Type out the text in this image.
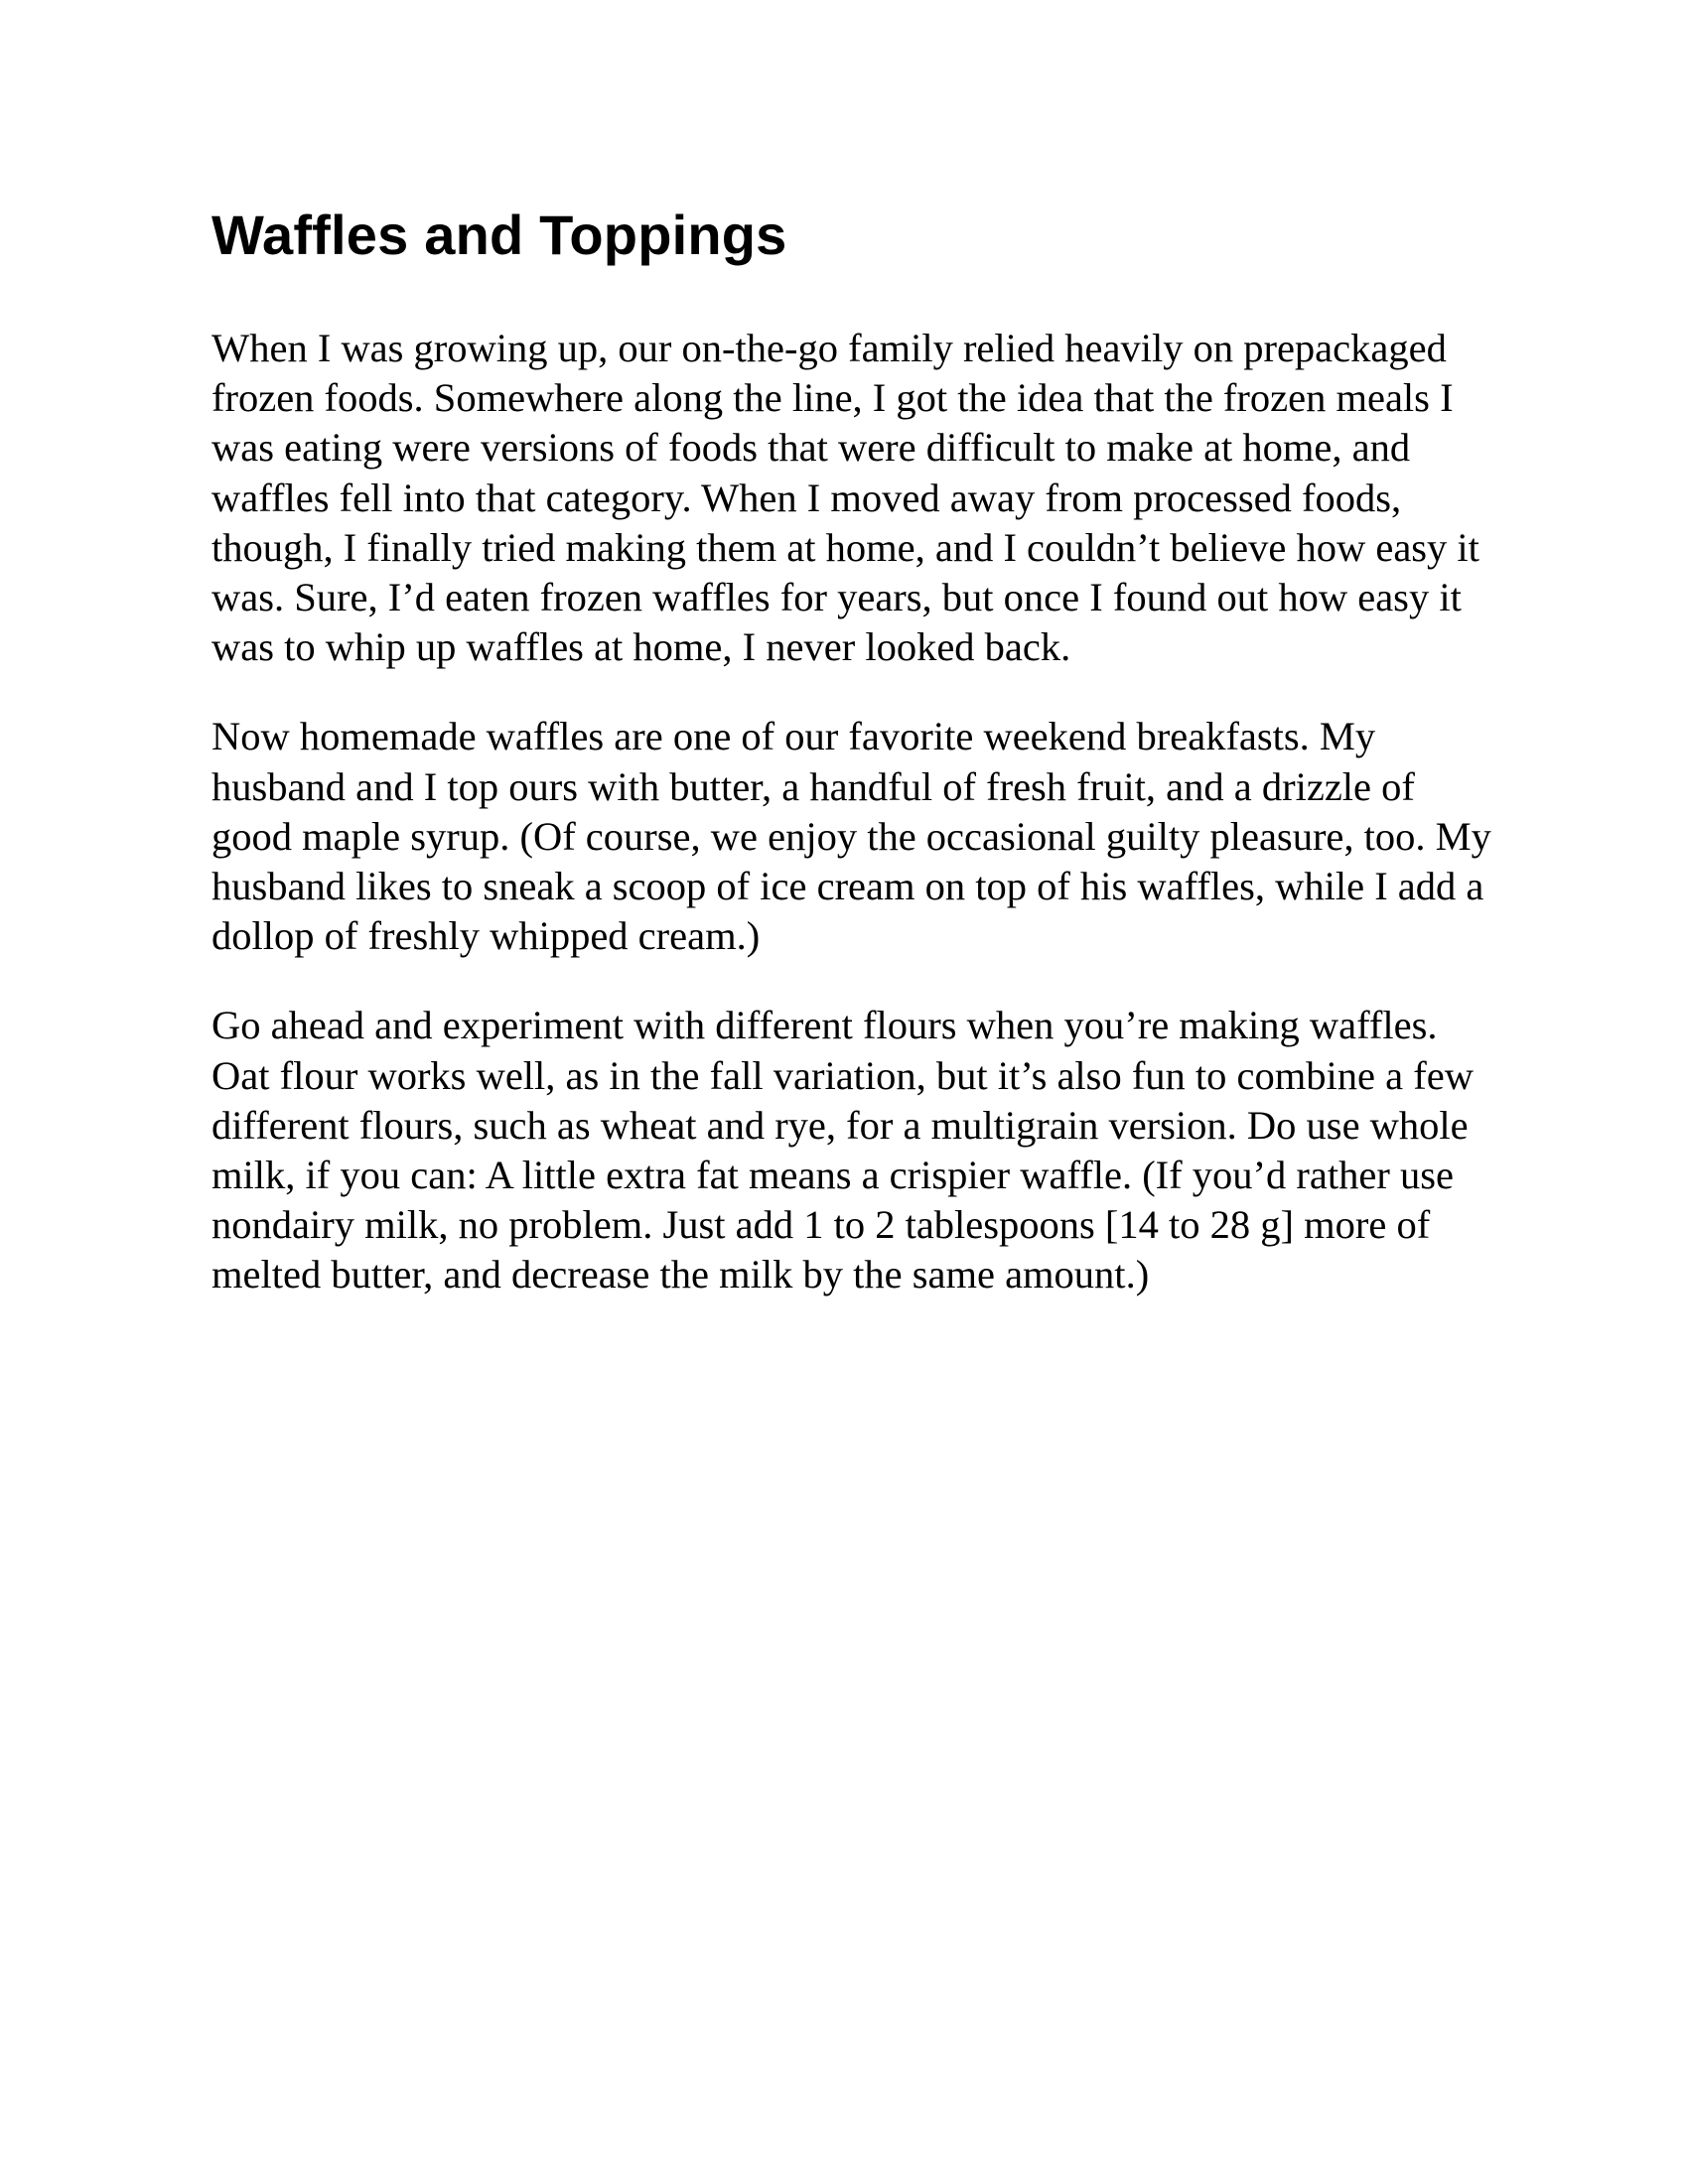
Waffles and Toppings

When I was growing up, our on-the-go family relied heavily on prepackaged frozen foods. Somewhere along the line, I got the idea that the frozen meals I was eating were versions of foods that were difficult to make at home, and waffles fell into that category. When I moved away from processed foods, though, I finally tried making them at home, and I couldn’t believe how easy it was. Sure, I’d eaten frozen waffles for years, but once I found out how easy it was to whip up waffles at home, I never looked back.

Now homemade waffles are one of our favorite weekend breakfasts. My husband and I top ours with butter, a handful of fresh fruit, and a drizzle of good maple syrup. (Of course, we enjoy the occasional guilty pleasure, too. My husband likes to sneak a scoop of ice cream on top of his waffles, while I add a dollop of freshly whipped cream.)

Go ahead and experiment with different flours when you’re making waffles. Oat flour works well, as in the fall variation, but it’s also fun to combine a few different flours, such as wheat and rye, for a multigrain version. Do use whole milk, if you can: A little extra fat means a crispier waffle. (If you’d rather use nondairy milk, no problem. Just add 1 to 2 tablespoons [14 to 28 g] more of melted butter, and decrease the milk by the same amount.)
